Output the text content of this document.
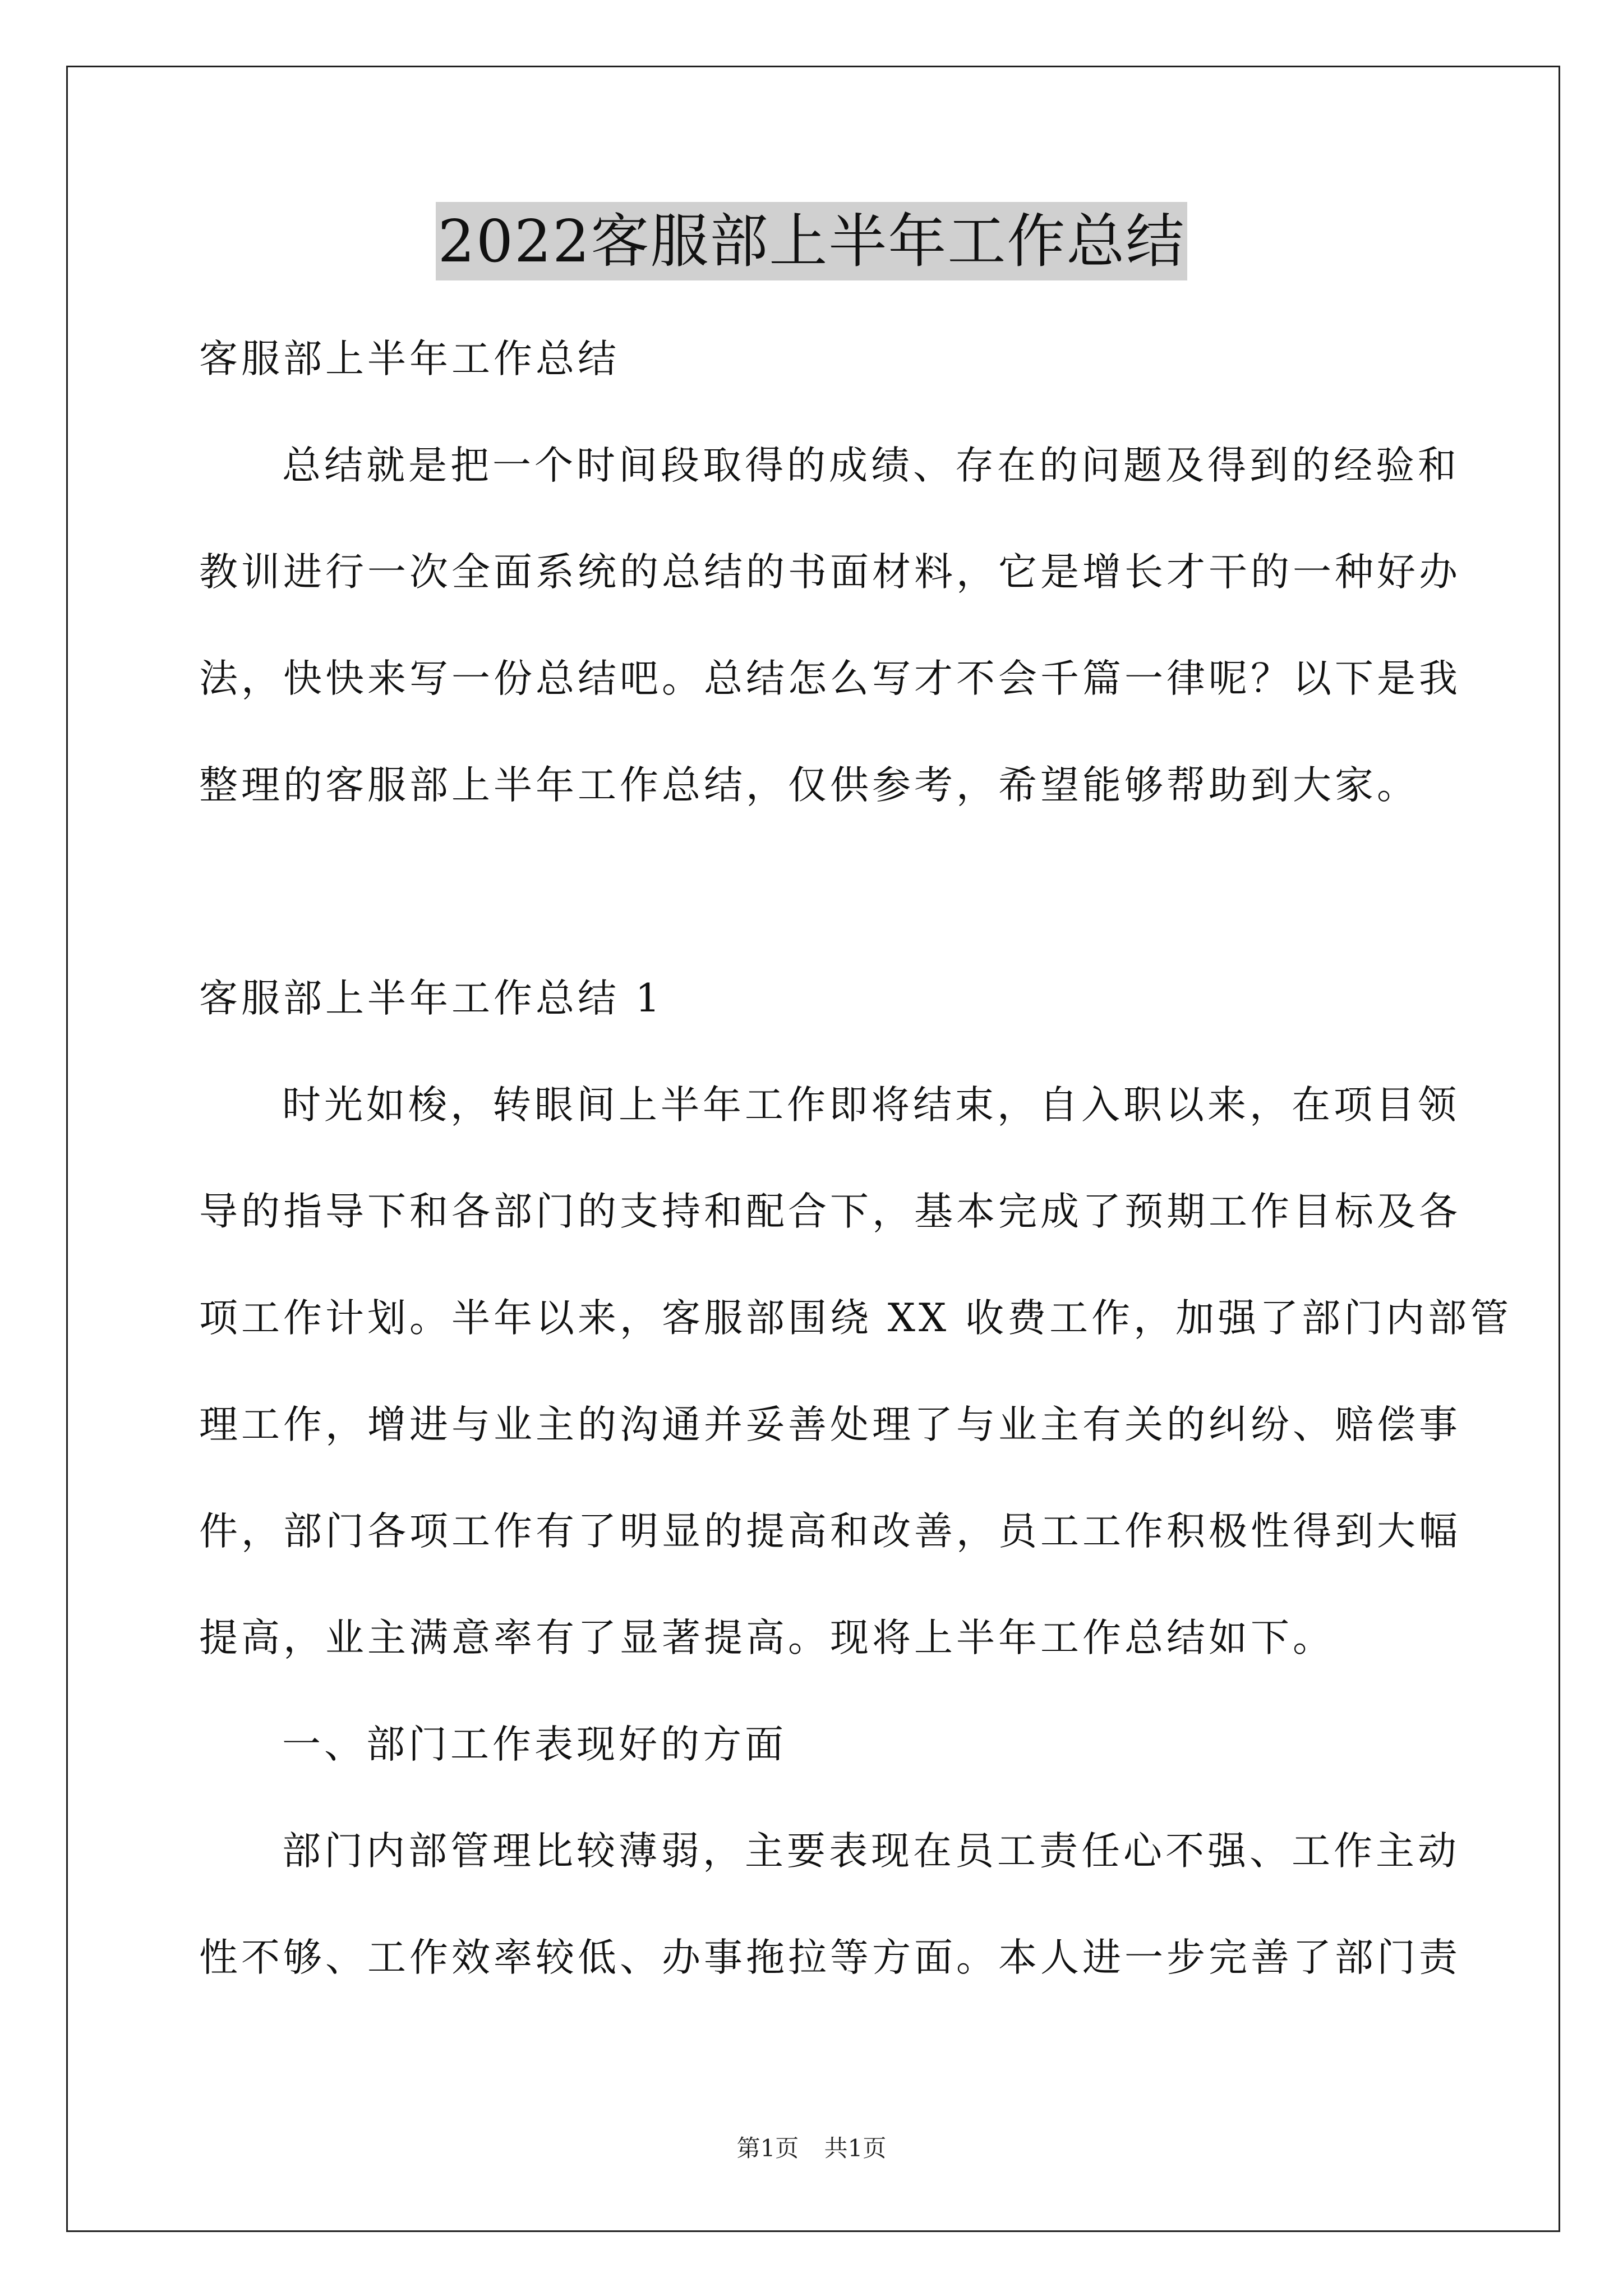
2022客服部上半年工作总结
客服部上半年工作总结
总结就是把一个时间段取得的成绩、存在的问题及得到的经验和
教训进行一次全面系统的总结的书面材料，它是增长才干的一种好办
法，快快来写一份总结吧。总结怎么写才不会千篇一律呢？以下是我
整理的客服部上半年工作总结，仅供参考，希望能够帮助到大家。
客服部上半年工作总结 1
时光如梭，转眼间上半年工作即将结束，自入职以来，在项目领
导的指导下和各部门的支持和配合下，基本完成了预期工作目标及各
项工作计划。半年以来，客服部围绕 XX 收费工作，加强了部门内部管
理工作，增进与业主的沟通并妥善处理了与业主有关的纠纷、赔偿事
件，部门各项工作有了明显的提高和改善，员工工作积极性得到大幅
提高，业主满意率有了显著提高。现将上半年工作总结如下。
一、部门工作表现好的方面
部门内部管理比较薄弱，主要表现在员工责任心不强、工作主动
性不够、工作效率较低、办事拖拉等方面。本人进一步完善了部门责
第1页 共1页
